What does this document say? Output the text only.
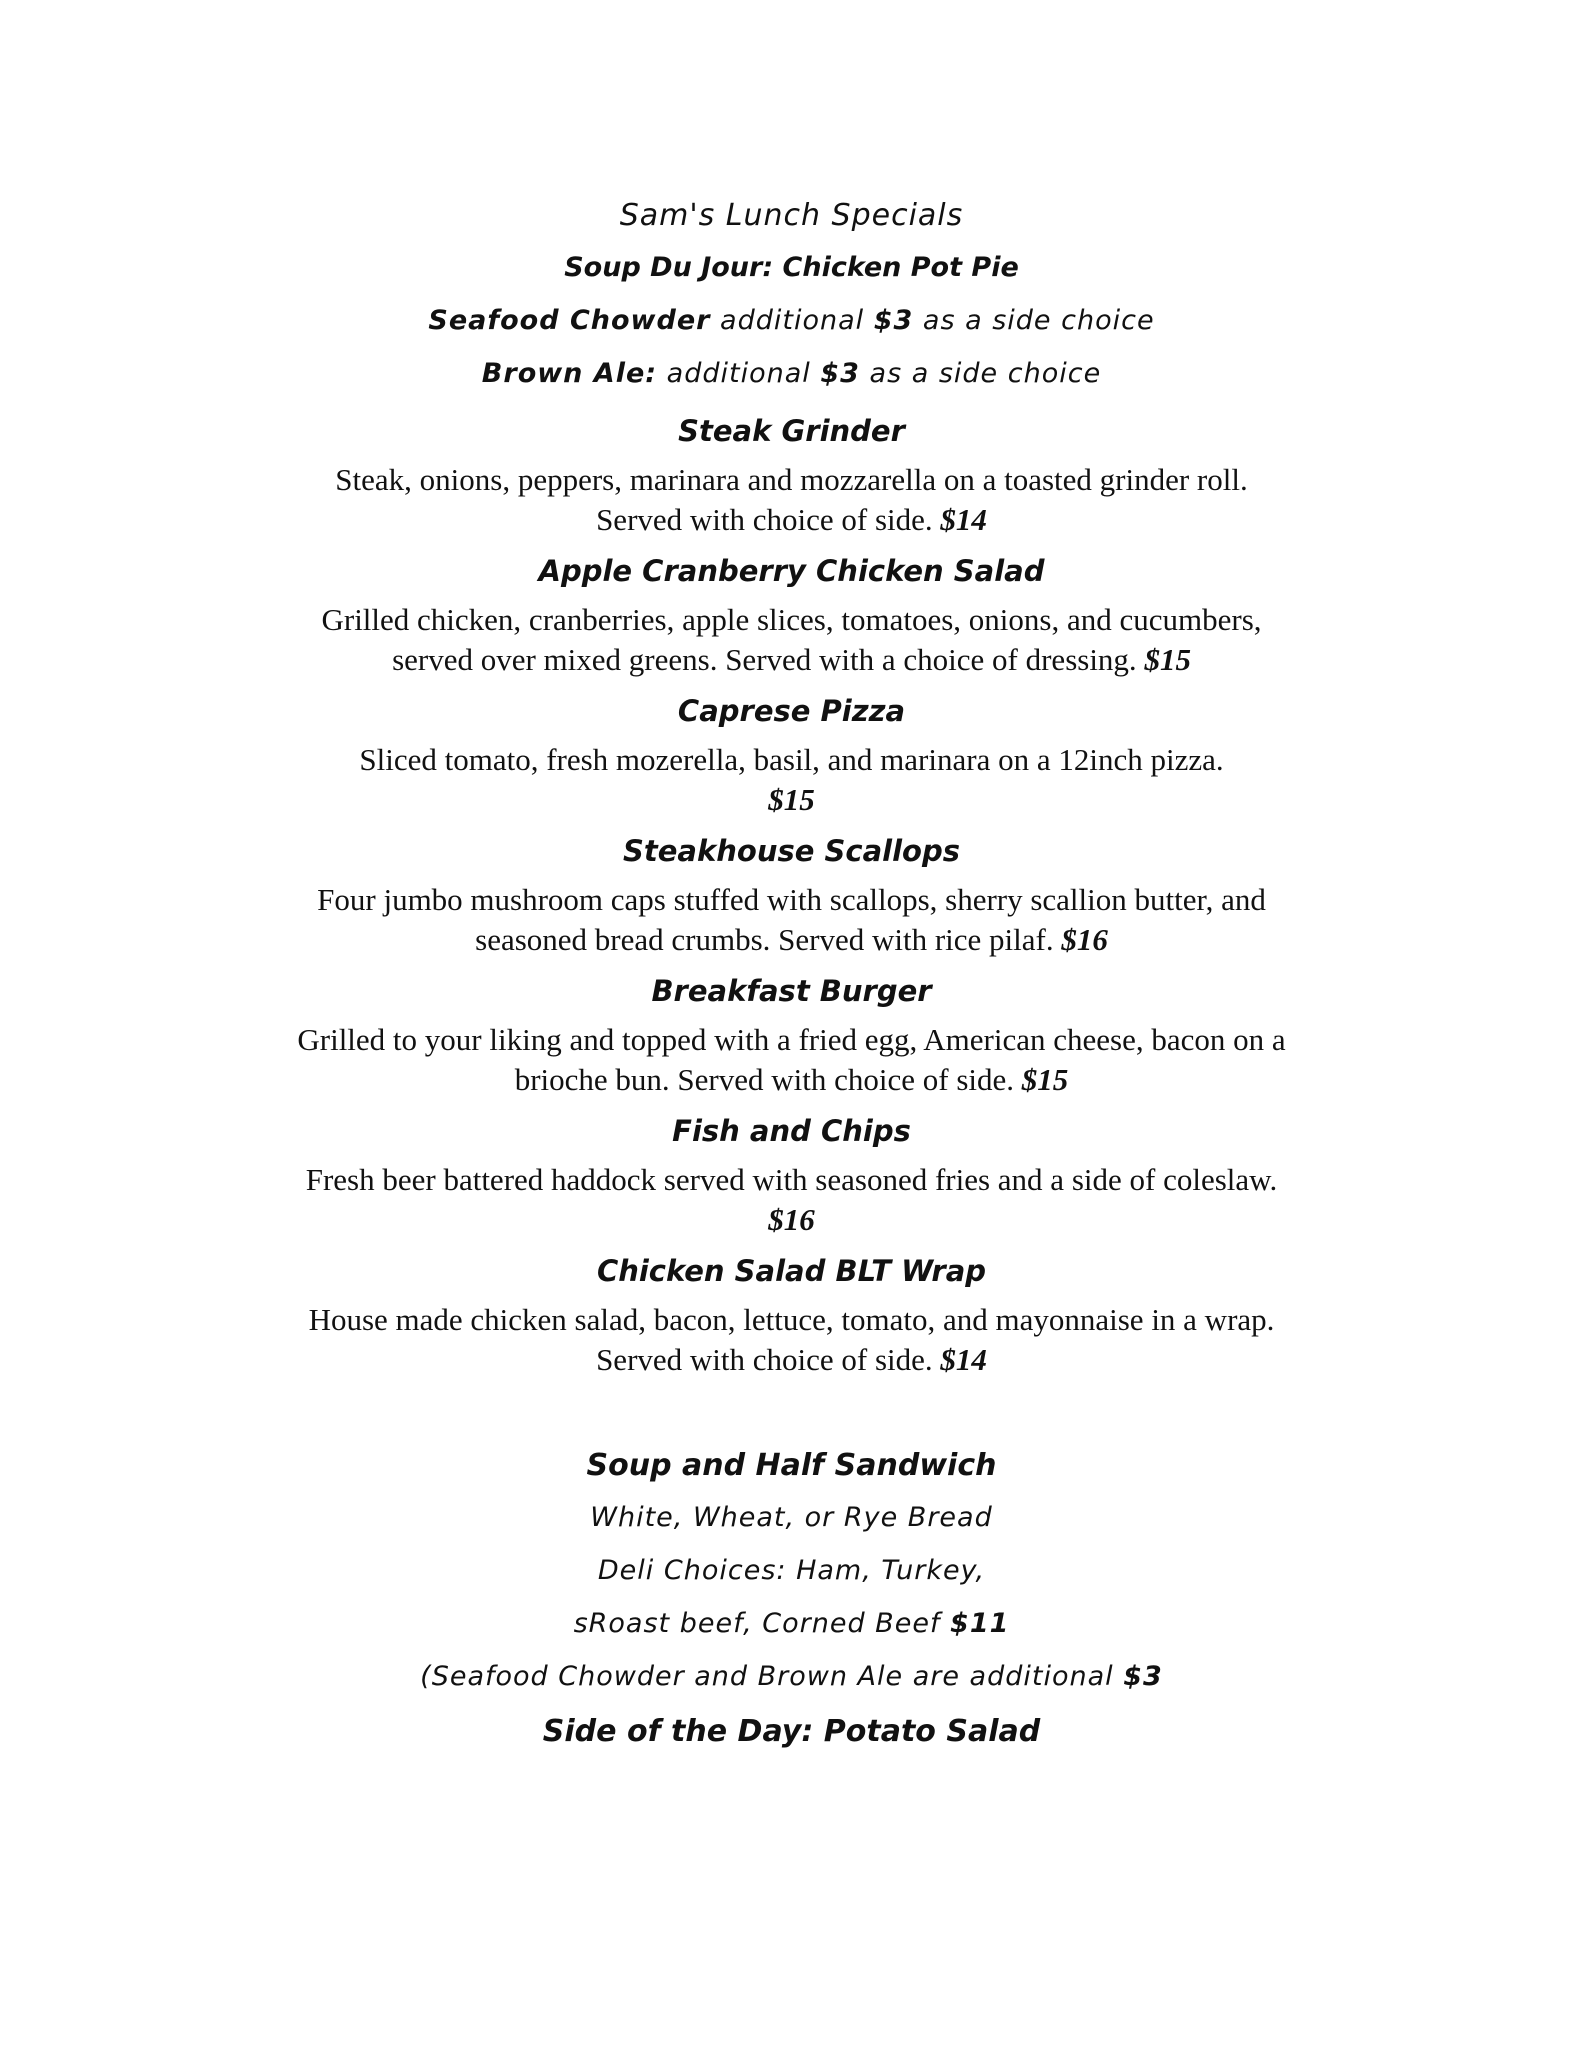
Sam's Lunch Specials
Soup Du Jour: Chicken Pot Pie
Seafood Chowder additional $3 as a side choice
Brown Ale: additional $3 as a side choice
Steak Grinder
Steak, onions, peppers, marinara and mozzarella on a toasted grinder roll.
Served with choice of side. $14
Apple Cranberry Chicken Salad
Grilled chicken, cranberries, apple slices, tomatoes, onions, and cucumbers,
served over mixed greens. Served with a choice of dressing. $15
Caprese Pizza
Sliced tomato, fresh mozerella, basil, and marinara on a 12inch pizza.
$15
Steakhouse Scallops
Four jumbo mushroom caps stuffed with scallops, sherry scallion butter, and
seasoned bread crumbs. Served with rice pilaf. $16
Breakfast Burger
Grilled to your liking and topped with a fried egg, American cheese, bacon on a
brioche bun. Served with choice of side. $15
Fish and Chips
Fresh beer battered haddock served with seasoned fries and a side of coleslaw.
$16
Chicken Salad BLT Wrap
House made chicken salad, bacon, lettuce, tomato, and mayonnaise in a wrap.
Served with choice of side. $14
Soup and Half Sandwich
White, Wheat, or Rye Bread
Deli Choices: Ham, Turkey,
sRoast beef, Corned Beef $11
(Seafood Chowder and Brown Ale are additional $3
Side of the Day: Potato Salad
